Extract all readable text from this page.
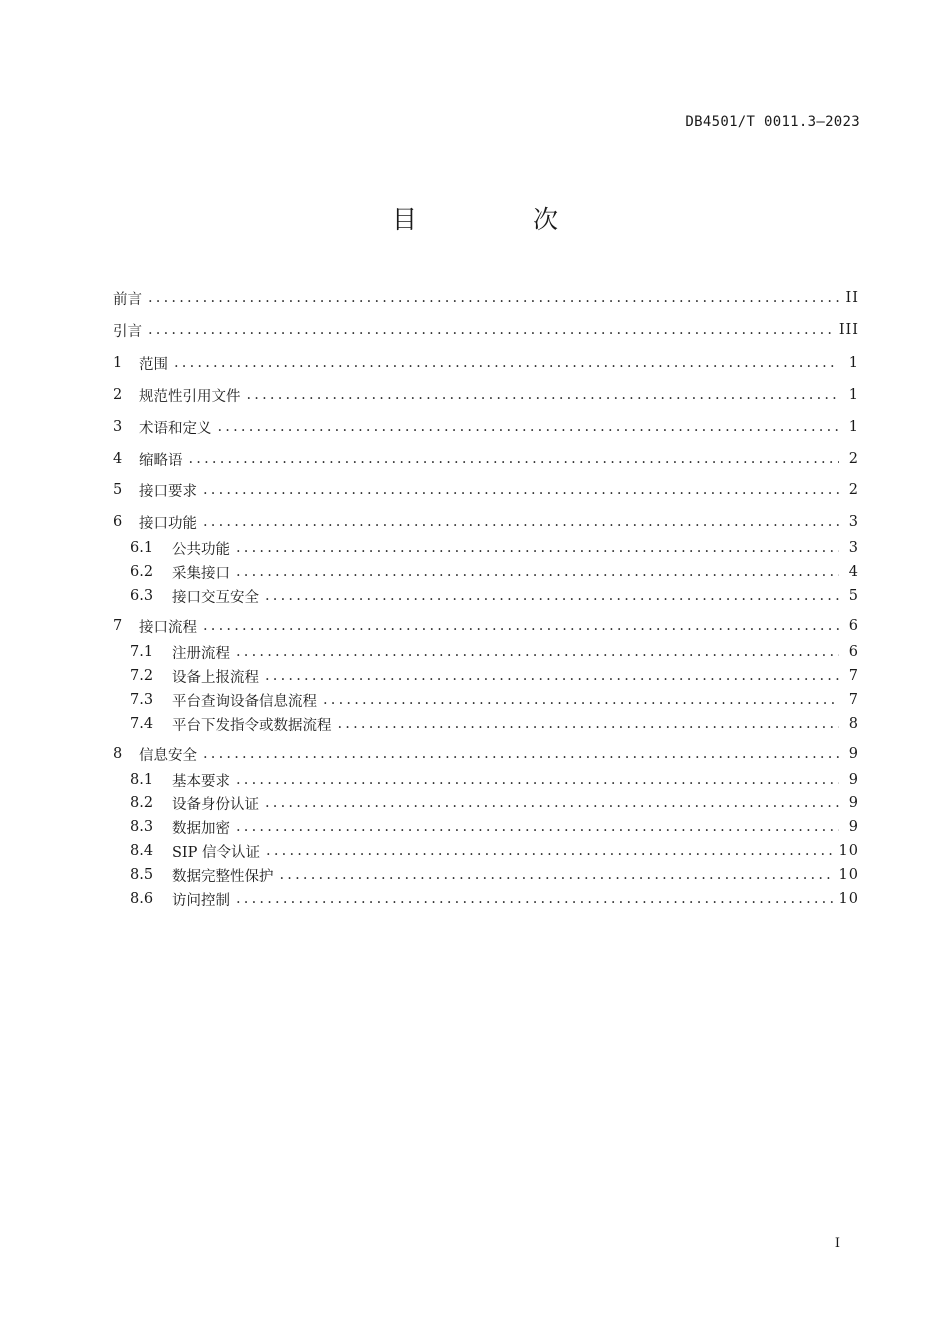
DB4501/T 0011.3—2023
目 次
前言 .....	II
引言 .....	III
1	范围 .....	1
2	规范性引用文件 .....	1
3	术语和定义 .....	1
4	缩略语 .....	2
5	接口要求 .....	2
6	接口功能 .....	3
6.1	公共功能 .....	3
6.2	采集接口 .....	4
6.3	接口交互安全 .....	5
7	接口流程 .....	6
7.1	注册流程 .....	6
7.2	设备上报流程 .....	7
7.3	平台查询设备信息流程 .....	7
7.4	平台下发指令或数据流程 .....	8
8	信息安全 .....	9
8.1	基本要求 .....	9
8.2	设备身份认证 .....	9
8.3	数据加密 .....	9
8.4	SIP 信令认证 .....	10
8.5	数据完整性保护 .....	10
8.6	访问控制 .....	10
I
